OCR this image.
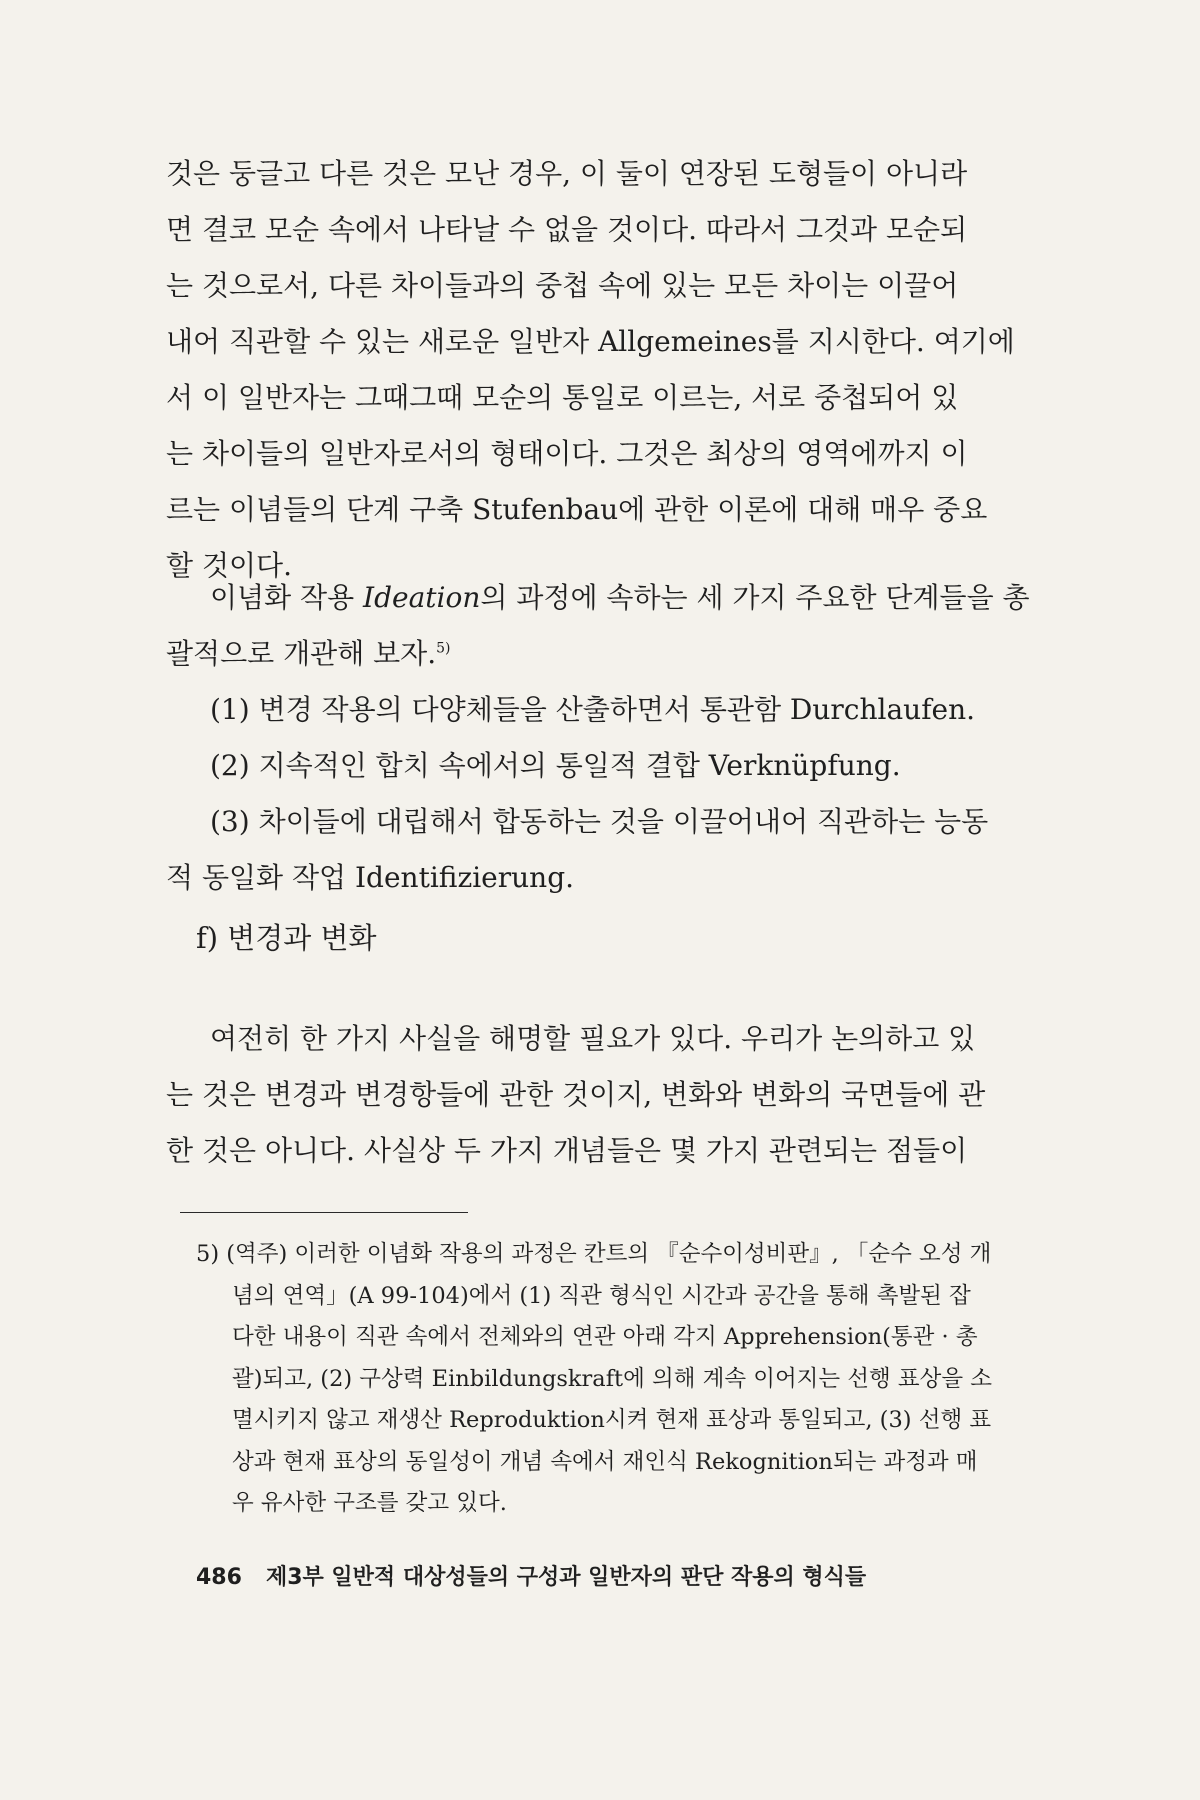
것은 둥글고 다른 것은 모난 경우, 이 둘이 연장된 도형들이 아니라
면 결코 모순 속에서 나타날 수 없을 것이다. 따라서 그것과 모순되
는 것으로서, 다른 차이들과의 중첩 속에 있는 모든 차이는 이끌어
내어 직관할 수 있는 새로운 일반자 Allgemeines를 지시한다. 여기에
서 이 일반자는 그때그때 모순의 통일로 이르는, 서로 중첩되어 있
는 차이들의 일반자로서의 형태이다. 그것은 최상의 영역에까지 이
르는 이념들의 단계 구축 Stufenbau에 관한 이론에 대해 매우 중요
할 것이다.

이념화 작용 Ideation의 과정에 속하는 세 가지 주요한 단계들을 총
괄적으로 개관해 보자.$^{5)}$

(1) 변경 작용의 다양체들을 산출하면서 통관함 Durchlaufen.
(2) 지속적인 합치 속에서의 통일적 결합 Verknüpfung.
(3) 차이들에 대립해서 합동하는 것을 이끌어내어 직관하는 능동
적 동일화 작업 Identifizierung.

f) 변경과 변화

여전히 한 가지 사실을 해명할 필요가 있다. 우리가 논의하고 있
는 것은 변경과 변경항들에 관한 것이지, 변화와 변화의 국면들에 관
한 것은 아니다. 사실상 두 가지 개념들은 몇 가지 관련되는 점들이

5) (역주) 이러한 이념화 작용의 과정은 칸트의 『순수이성비판』, 「순수 오성 개
념의 연역」(A 99-104)에서 (1) 직관 형식인 시간과 공간을 통해 촉발된 잡
다한 내용이 직관 속에서 전체와의 연관 아래 각지 Apprehension(통관 · 총
괄)되고, (2) 구상력 Einbildungskraft에 의해 계속 이어지는 선행 표상을 소
멸시키지 않고 재생산 Reproduktion시켜 현재 표상과 통일되고, (3) 선행 표
상과 현재 표상의 동일성이 개념 속에서 재인식 Rekognition되는 과정과 매
우 유사한 구조를 갖고 있다.

486 제3부 일반적 대상성들의 구성과 일반자의 판단 작용의 형식들
